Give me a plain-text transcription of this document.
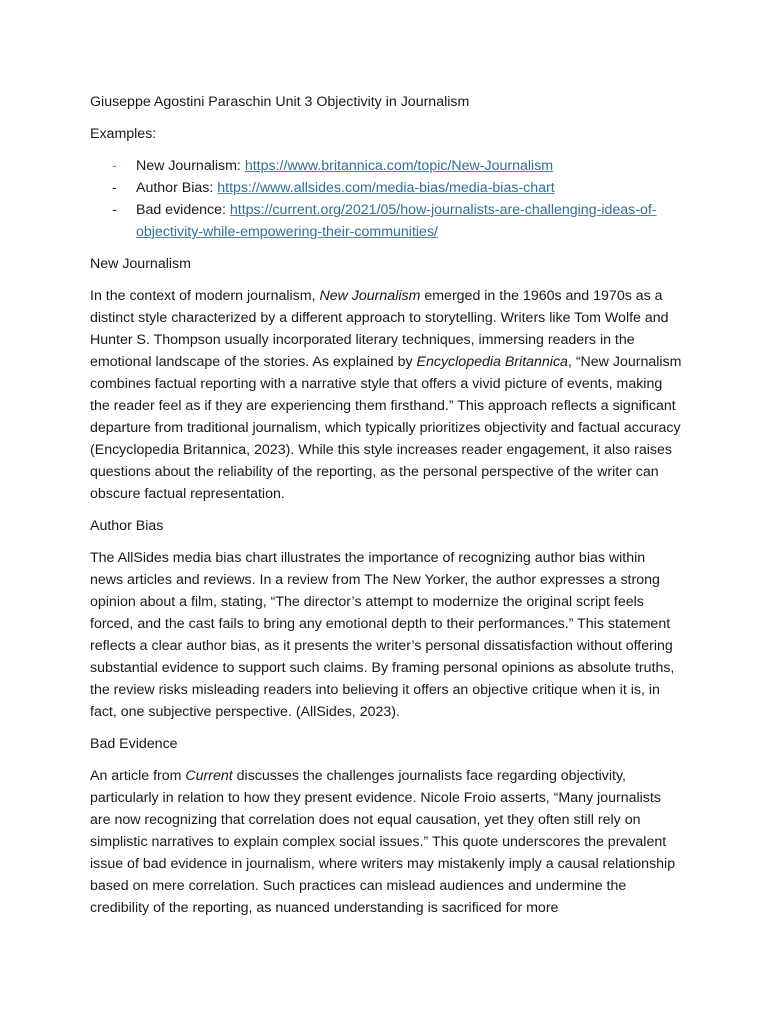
Giuseppe Agostini Paraschin Unit 3 Objectivity in Journalism

Examples:

- New Journalism: https://www.britannica.com/topic/New-Journalism
- Author Bias: https://www.allsides.com/media-bias/media-bias-chart
- Bad evidence: https://current.org/2021/05/how-journalists-are-challenging-ideas-of-objectivity-while-empowering-their-communities/

New Journalism

In the context of modern journalism, New Journalism emerged in the 1960s and 1970s as a distinct style characterized by a different approach to storytelling. Writers like Tom Wolfe and Hunter S. Thompson usually incorporated literary techniques, immersing readers in the emotional landscape of the stories. As explained by Encyclopedia Britannica, “New Journalism combines factual reporting with a narrative style that offers a vivid picture of events, making the reader feel as if they are experiencing them firsthand.” This approach reflects a significant departure from traditional journalism, which typically prioritizes objectivity and factual accuracy (Encyclopedia Britannica, 2023). While this style increases reader engagement, it also raises questions about the reliability of the reporting, as the personal perspective of the writer can obscure factual representation.

Author Bias

The AllSides media bias chart illustrates the importance of recognizing author bias within news articles and reviews. In a review from The New Yorker, the author expresses a strong opinion about a film, stating, “The director’s attempt to modernize the original script feels forced, and the cast fails to bring any emotional depth to their performances.” This statement reflects a clear author bias, as it presents the writer’s personal dissatisfaction without offering substantial evidence to support such claims. By framing personal opinions as absolute truths, the review risks misleading readers into believing it offers an objective critique when it is, in fact, one subjective perspective. (AllSides, 2023).

Bad Evidence

An article from Current discusses the challenges journalists face regarding objectivity, particularly in relation to how they present evidence. Nicole Froio asserts, “Many journalists are now recognizing that correlation does not equal causation, yet they often still rely on simplistic narratives to explain complex social issues.” This quote underscores the prevalent issue of bad evidence in journalism, where writers may mistakenly imply a causal relationship based on mere correlation. Such practices can mislead audiences and undermine the credibility of the reporting, as nuanced understanding is sacrificed for more
